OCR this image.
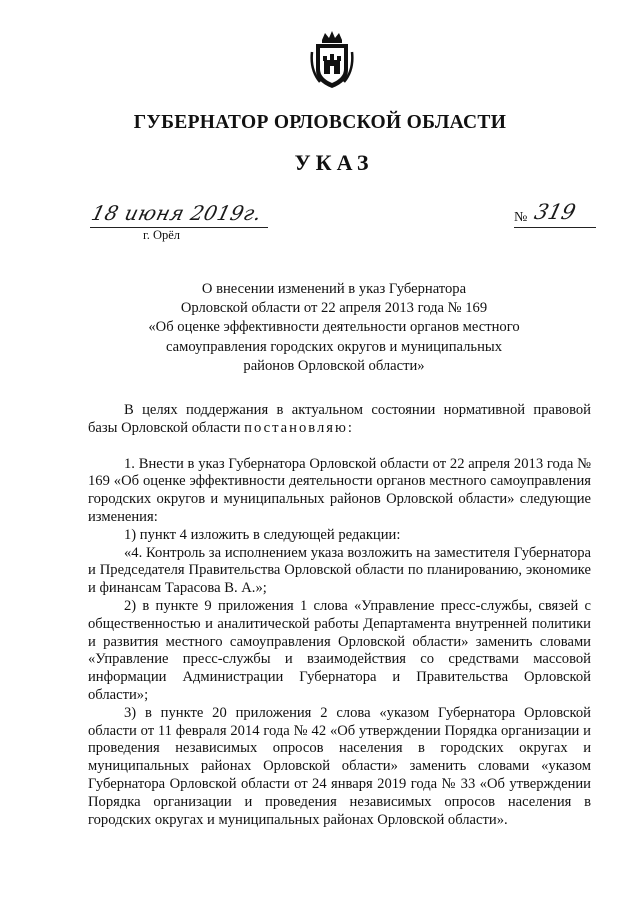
ГУБЕРНАТОР ОРЛОВСКОЙ ОБЛАСТИ
УКАЗ
18 июня 2019г.
г. Орёл
№ 319
О внесении изменений в указ Губернатора
Орловской области от 22 апреля 2013 года № 169
«Об оценке эффективности деятельности органов местного
самоуправления городских округов и муниципальных
районов Орловской области»

В целях поддержания в актуальном состоянии нормативной правовой базы Орловской области постановляю:

1. Внести в указ Губернатора Орловской области от 22 апреля 2013 года № 169 «Об оценке эффективности деятельности органов местного самоуправления городских округов и муниципальных районов Орловской области» следующие изменения:

1) пункт 4 изложить в следующей редакции:

«4. Контроль за исполнением указа возложить на заместителя Губернатора и Председателя Правительства Орловской области по планированию, экономике и финансам Тарасова В. А.»;

2) в пункте 9 приложения 1 слова «Управление пресс-службы, связей с общественностью и аналитической работы Департамента внутренней политики и развития местного самоуправления Орловской области» заменить словами «Управление пресс-службы и взаимодействия со средствами массовой информации Администрации Губернатора и Правительства Орловской области»;

3) в пункте 20 приложения 2 слова «указом Губернатора Орловской области от 11 февраля 2014 года № 42 «Об утверждении Порядка организации и проведения независимых опросов населения в городских округах и муниципальных районах Орловской области» заменить словами «указом Губернатора Орловской области от 24 января 2019 года № 33 «Об утверждении Порядка организации и проведения независимых опросов населения в городских округах и муниципальных районах Орловской области».
